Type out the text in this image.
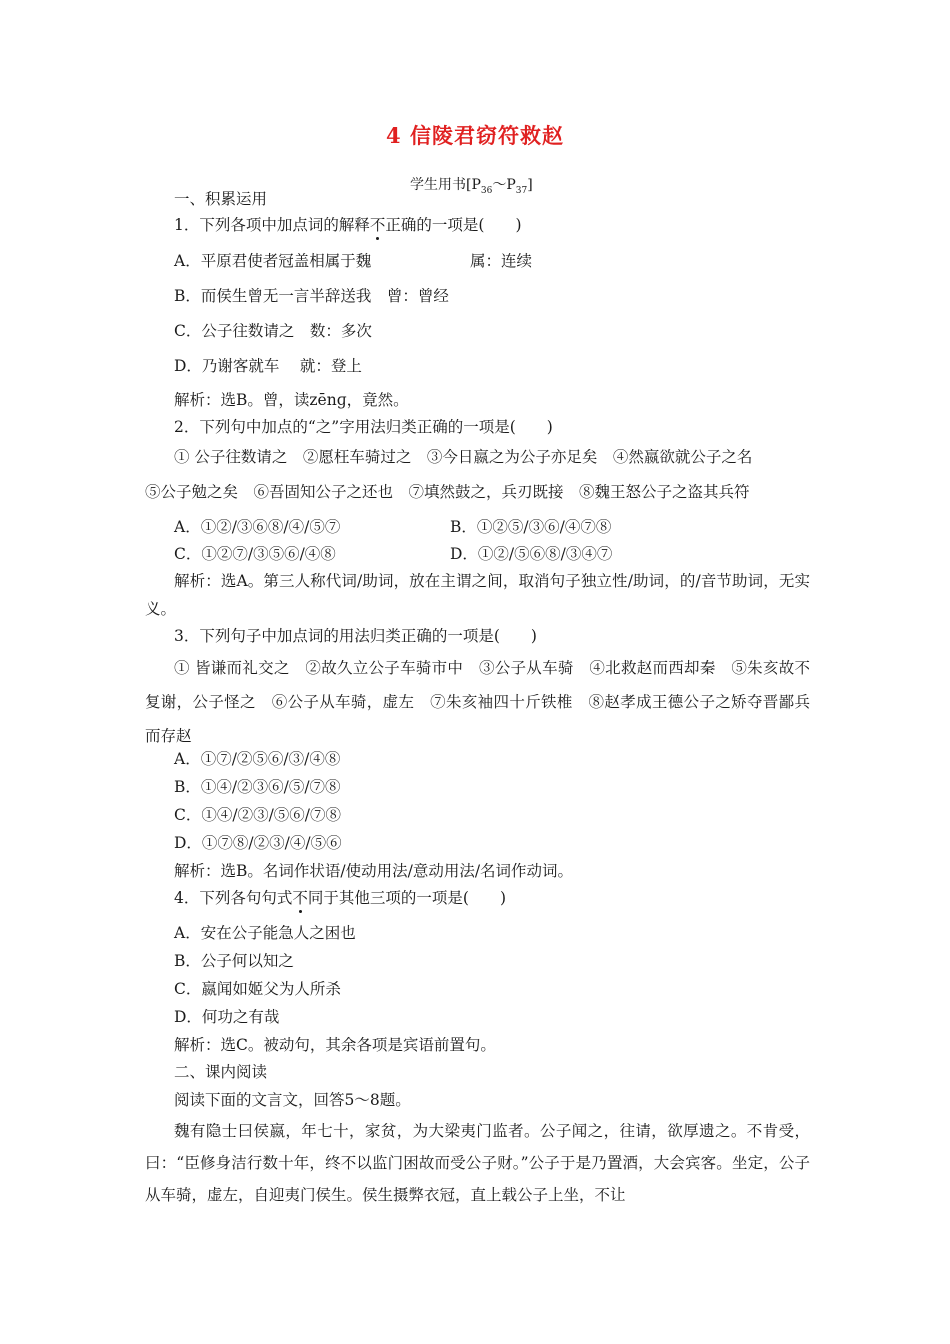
4 信陵君窃符救赵
学生用书$[P_{36}\sim P_{37}]$
一、积累运用
1．下列各项中加点词的解释不正确的一项是(　　)
A．平原君使者冠盖相属于魏	属：连续
B．而侯生曾无一言半辞送我　曾：曾经
C．公子往数请之　数：多次
D．乃谢客就车　 就：登上
解析：选B。曾，读zēnɡ，竟然。
2．下列句中加点的“之”字用法归类正确的一项是(　　)
① 公子往数请之　②愿枉车骑过之　③今日嬴之为公子亦足矣　④然嬴欲就公子之名
⑤公子勉之矣　⑥吾固知公子之还也　⑦填然鼓之，兵刃既接　⑧魏王怒公子之盗其兵符
A．①②/③⑥⑧/④/⑤⑦	B．①②⑤/③⑥/④⑦⑧
C．①②⑦/③⑤⑥/④⑧	D．①②/⑤⑥⑧/③④⑦
解析：选A。第三人称代词/助词，放在主谓之间，取消句子独立性/助词，的/音节助词，无实义。
3．下列句子中加点词的用法归类正确的一项是(　　)
① 皆谦而礼交之　②故久立公子车骑市中　③公子从车骑　④北救赵而西却秦　⑤朱亥故不复谢，公子怪之　⑥公子从车骑，虚左　⑦朱亥袖四十斤铁椎　⑧赵孝成王德公子之矫夺晋鄙兵而存赵
A．①⑦/②⑤⑥/③/④⑧
B．①④/②③⑥/⑤/⑦⑧
C．①④/②③/⑤⑥/⑦⑧
D．①⑦⑧/②③/④/⑤⑥
解析：选B。名词作状语/使动用法/意动用法/名词作动词。
4．下列各句句式不同于其他三项的一项是(　　)
A．安在公子能急人之困也
B．公子何以知之
C．嬴闻如姬父为人所杀
D．何功之有哉
解析：选C。被动句，其余各项是宾语前置句。
二、课内阅读
阅读下面的文言文，回答5～8题。
魏有隐士曰侯嬴，年七十，家贫，为大梁夷门监者。公子闻之，往请，欲厚遗之。不肯受，曰：“臣修身洁行数十年，终不以监门困故而受公子财。”公子于是乃置酒，大会宾客。坐定，公子从车骑，虚左，自迎夷门侯生。侯生摄弊衣冠，直上载公子上坐，不让
